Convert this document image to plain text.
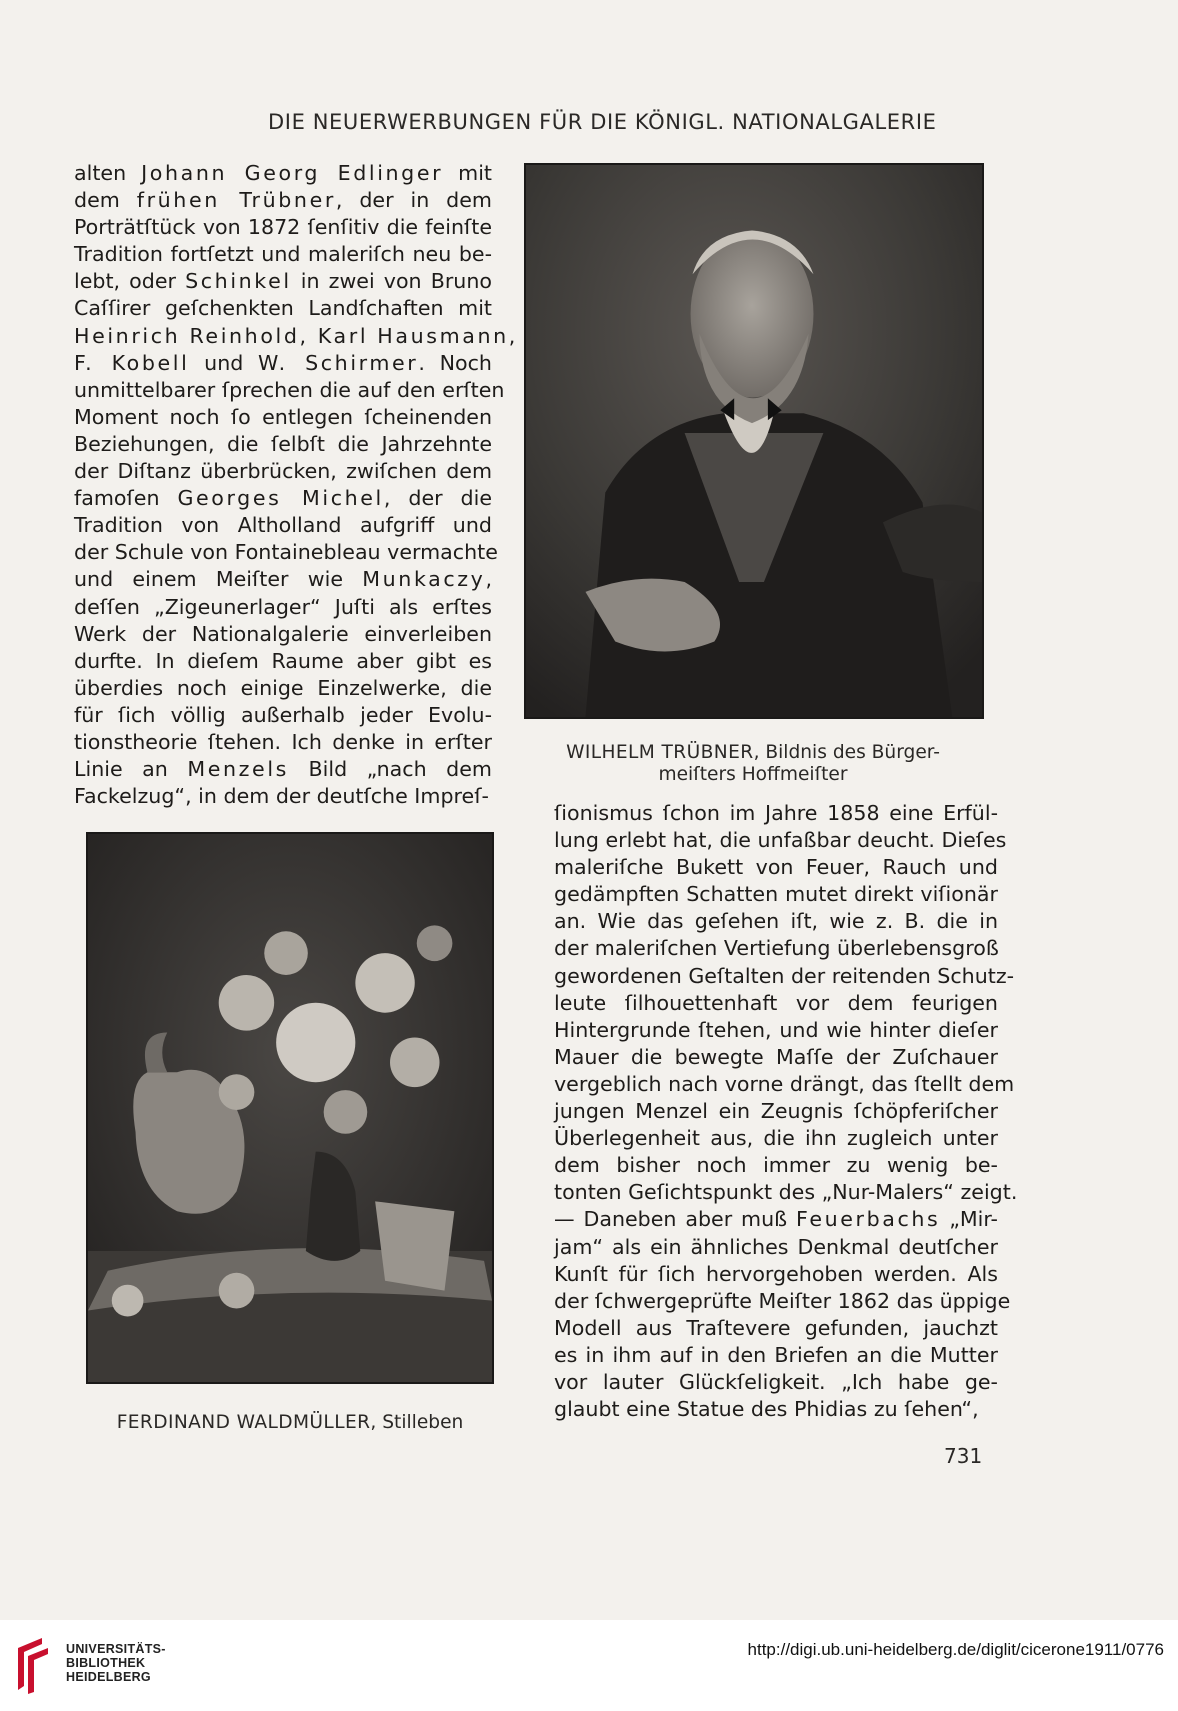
DIE NEUERWERBUNGEN FÜR DIE KÖNIGL. NATIONALGALERIE
alten Johann Georg Edlinger mit
dem frühen Trübner, der in dem
Porträtſtück von 1872 ſenſitiv die feinſte
Tradition fortſetzt und maleriſch neu be-
lebt, oder Schinkel in zwei von Bruno
Caſſirer geſchenkten Landſchaften mit
Heinrich Reinhold, Karl Hausmann,
F. Kobell und W. Schirmer. Noch
unmittelbarer ſprechen die auf den erſten
Moment noch ſo entlegen ſcheinenden
Beziehungen, die ſelbſt die Jahrzehnte
der Diſtanz überbrücken, zwiſchen dem
famoſen Georges Michel, der die
Tradition von Altholland aufgriff und
der Schule von Fontainebleau vermachte
und einem Meiſter wie Munkaczy,
deſſen „Zigeunerlager“ Juſti als erſtes
Werk der Nationalgalerie einverleiben
durfte. In dieſem Raume aber gibt es
überdies noch einige Einzelwerke, die
für ſich völlig außerhalb jeder Evolu-
tionstheorie ſtehen. Ich denke in erſter
Linie an Menzels Bild „nach dem
Fackelzug“, in dem der deutſche Impreſ-
WILHELM TRÜBNER, Bildnis des Bürger-
meiſters Hoffmeiſter
FERDINAND WALDMÜLLER, Stilleben
ſionismus ſchon im Jahre 1858 eine Erfül-
lung erlebt hat, die unfaßbar deucht. Dieſes
maleriſche Bukett von Feuer, Rauch und
gedämpften Schatten mutet direkt viſionär
an. Wie das geſehen iſt, wie z. B. die in
der maleriſchen Vertiefung überlebensgroß
gewordenen Geſtalten der reitenden Schutz-
leute ſilhouettenhaft vor dem feurigen
Hintergrunde ſtehen, und wie hinter dieſer
Mauer die bewegte Maſſe der Zuſchauer
vergeblich nach vorne drängt, das ſtellt dem
jungen Menzel ein Zeugnis ſchöpferiſcher
Überlegenheit aus, die ihn zugleich unter
dem bisher noch immer zu wenig be-
tonten Geſichtspunkt des „Nur-Malers“ zeigt.
— Daneben aber muß Feuerbachs „Mir-
jam“ als ein ähnliches Denkmal deutſcher
Kunſt für ſich hervorgehoben werden. Als
der ſchwergeprüfte Meiſter 1862 das üppige
Modell aus Traſtevere gefunden, jauchzt
es in ihm auf in den Briefen an die Mutter
vor lauter Glückſeligkeit. „Ich habe ge-
glaubt eine Statue des Phidias zu ſehen“,
731
UNIVERSITÄTS-
BIBLIOTHEK
HEIDELBERG
http://digi.ub.uni-heidelberg.de/diglit/cicerone1911/0776
